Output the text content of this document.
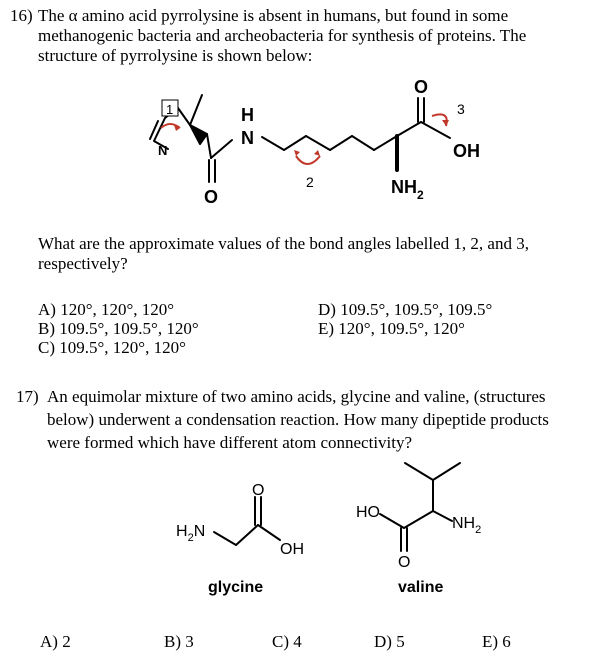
16) The α amino acid pyrrolysine is absent in humans, but found in some
methanogenic bacteria and archeobacteria for synthesis of proteins. The
structure of pyrrolysine is shown below:
1
2
3
N
H
N
O
O
OH
$NH_2$
What are the approximate values of the bond angles labelled 1, 2, and 3,
respectively?
A) 120°, 120°, 120°
B) 109.5°, 109.5°, 120°
C) 109.5°, 120°, 120°
D) 109.5°, 109.5°, 109.5°
E) 120°, 109.5°, 120°
17) An equimolar mixture of two amino acids, glycine and valine, (structures
below) underwent a condensation reaction. How many dipeptide products
were formed which have different atom connectivity?
$H_2N$
O
OH
glycine
HO
O
$NH_2$
valine
A) 2	B) 3	C) 4	D) 5	E) 6
